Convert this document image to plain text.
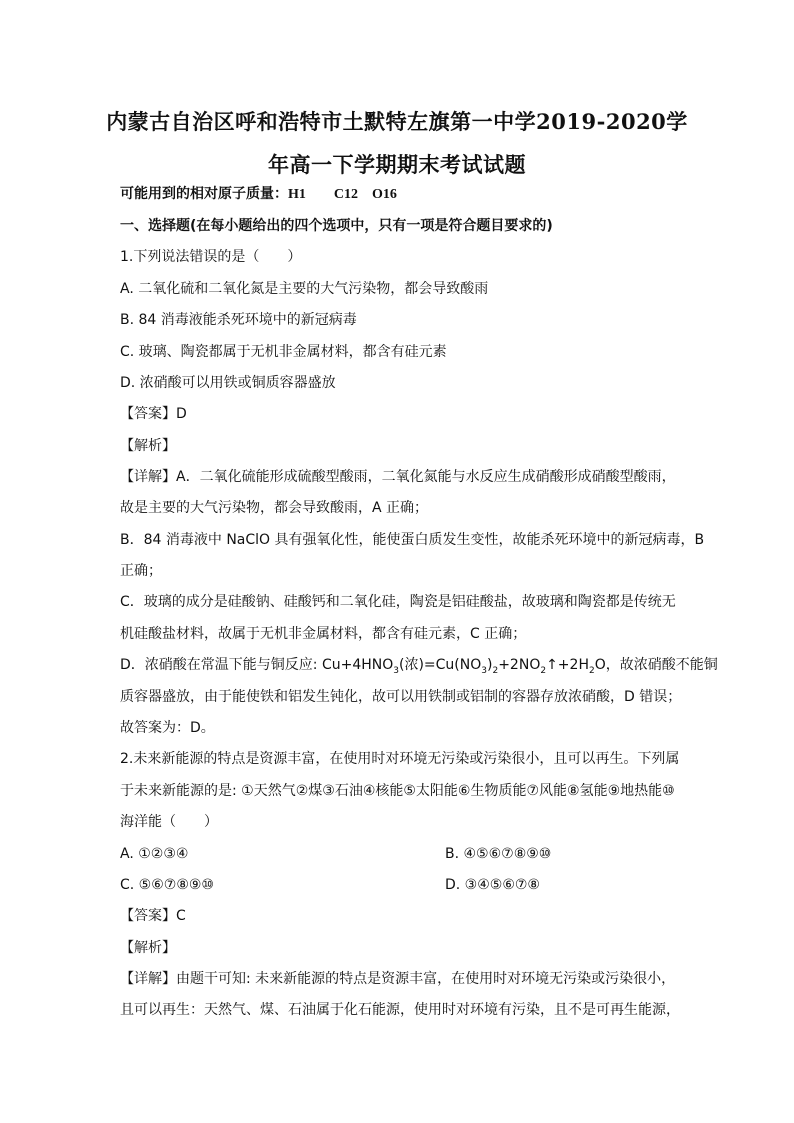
内蒙古自治区呼和浩特市土默特左旗第一中学2019-2020学
年高一下学期期末考试试题
可能用到的相对原子质量：H1　　C12　O16
一、选择题(在每小题给出的四个选项中，只有一项是符合题目要求的)
1.下列说法错误的是（　　）
A. 二氧化硫和二氧化氮是主要的大气污染物，都会导致酸雨
B. 84 消毒液能杀死环境中的新冠病毒
C. 玻璃、陶瓷都属于无机非金属材料，都含有硅元素
D. 浓硝酸可以用铁或铜质容器盛放
【答案】D
【解析】
【详解】A．二氧化硫能形成硫酸型酸雨，二氧化氮能与水反应生成硝酸形成硝酸型酸雨，
故是主要的大气污染物，都会导致酸雨，A 正确；
B．84 消毒液中 NaClO 具有强氧化性，能使蛋白质发生变性，故能杀死环境中的新冠病毒，B
正确；
C．玻璃的成分是硅酸钠、硅酸钙和二氧化硅，陶瓷是铝硅酸盐，故玻璃和陶瓷都是传统无
机硅酸盐材料，故属于无机非金属材料，都含有硅元素，C 正确；
D．浓硝酸在常温下能与铜反应: $Cu+4HNO_3$(浓)$=Cu(NO_3)_2+2NO_2↑+2H_2O$，故浓硝酸不能铜
质容器盛放，由于能使铁和铝发生钝化，故可以用铁制或铝制的容器存放浓硝酸，D 错误；
故答案为：D。
2.未来新能源的特点是资源丰富，在使用时对环境无污染或污染很小，且可以再生。下列属
于未来新能源的是: ①天然气②煤③石油④核能⑤太阳能⑥生物质能⑦风能⑧氢能⑨地热能⑩
海洋能（　　）
A. ①②③④	B. ④⑤⑥⑦⑧⑨⑩
C. ⑤⑥⑦⑧⑨⑩	D. ③④⑤⑥⑦⑧
【答案】C
【解析】
【详解】由题干可知: 未来新能源的特点是资源丰富，在使用时对环境无污染或污染很小，
且可以再生：天然气、煤、石油属于化石能源，使用时对环境有污染，且不是可再生能源，
